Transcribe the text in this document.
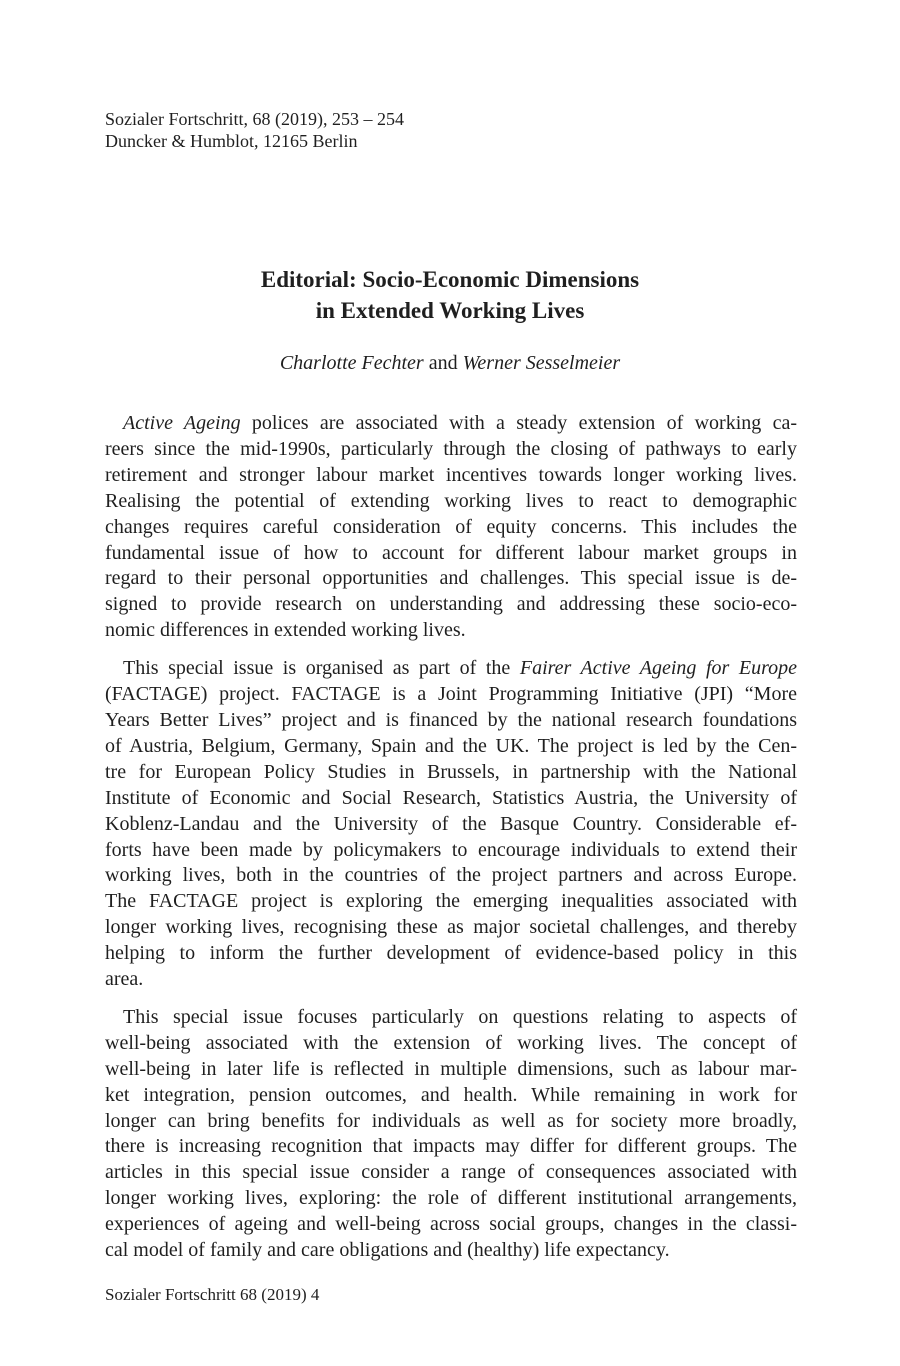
Sozialer Fortschritt, 68 (2019), 253 – 254
Duncker & Humblot, 12165 Berlin
Editorial: Socio-Economic Dimensions
in Extended Working Lives
Charlotte Fechter and Werner Sesselmeier

Active Ageing polices are associated with a steady extension of working ca-
reers since the mid-1990s, particularly through the closing of pathways to early
retirement and stronger labour market incentives towards longer working lives.
Realising the potential of extending working lives to react to demographic
changes requires careful consideration of equity concerns. This includes the
fundamental issue of how to account for different labour market groups in
regard to their personal opportunities and challenges. This special issue is de-
signed to provide research on understanding and addressing these socio-eco-
nomic differences in extended working lives.

This special issue is organised as part of the Fairer Active Ageing for Europe
(FACTAGE) project. FACTAGE is a Joint Programming Initiative (JPI) “More
Years Better Lives” project and is financed by the national research foundations
of Austria, Belgium, Germany, Spain and the UK. The project is led by the Cen-
tre for European Policy Studies in Brussels, in partnership with the National
Institute of Economic and Social Research, Statistics Austria, the University of
Koblenz-Landau and the University of the Basque Country. Considerable ef-
forts have been made by policymakers to encourage individuals to extend their
working lives, both in the countries of the project partners and across Europe.
The FACTAGE project is exploring the emerging inequalities associated with
longer working lives, recognising these as major societal challenges, and thereby
helping to inform the further development of evidence-based policy in this
area.

This special issue focuses particularly on questions relating to aspects of
well-being associated with the extension of working lives. The concept of
well-being in later life is reflected in multiple dimensions, such as labour mar-
ket integration, pension outcomes, and health. While remaining in work for
longer can bring benefits for individuals as well as for society more broadly,
there is increasing recognition that impacts may differ for different groups. The
articles in this special issue consider a range of consequences associated with
longer working lives, exploring: the role of different institutional arrangements,
experiences of ageing and well-being across social groups, changes in the classi-
cal model of family and care obligations and (healthy) life expectancy.

Sozialer Fortschritt 68 (2019) 4
